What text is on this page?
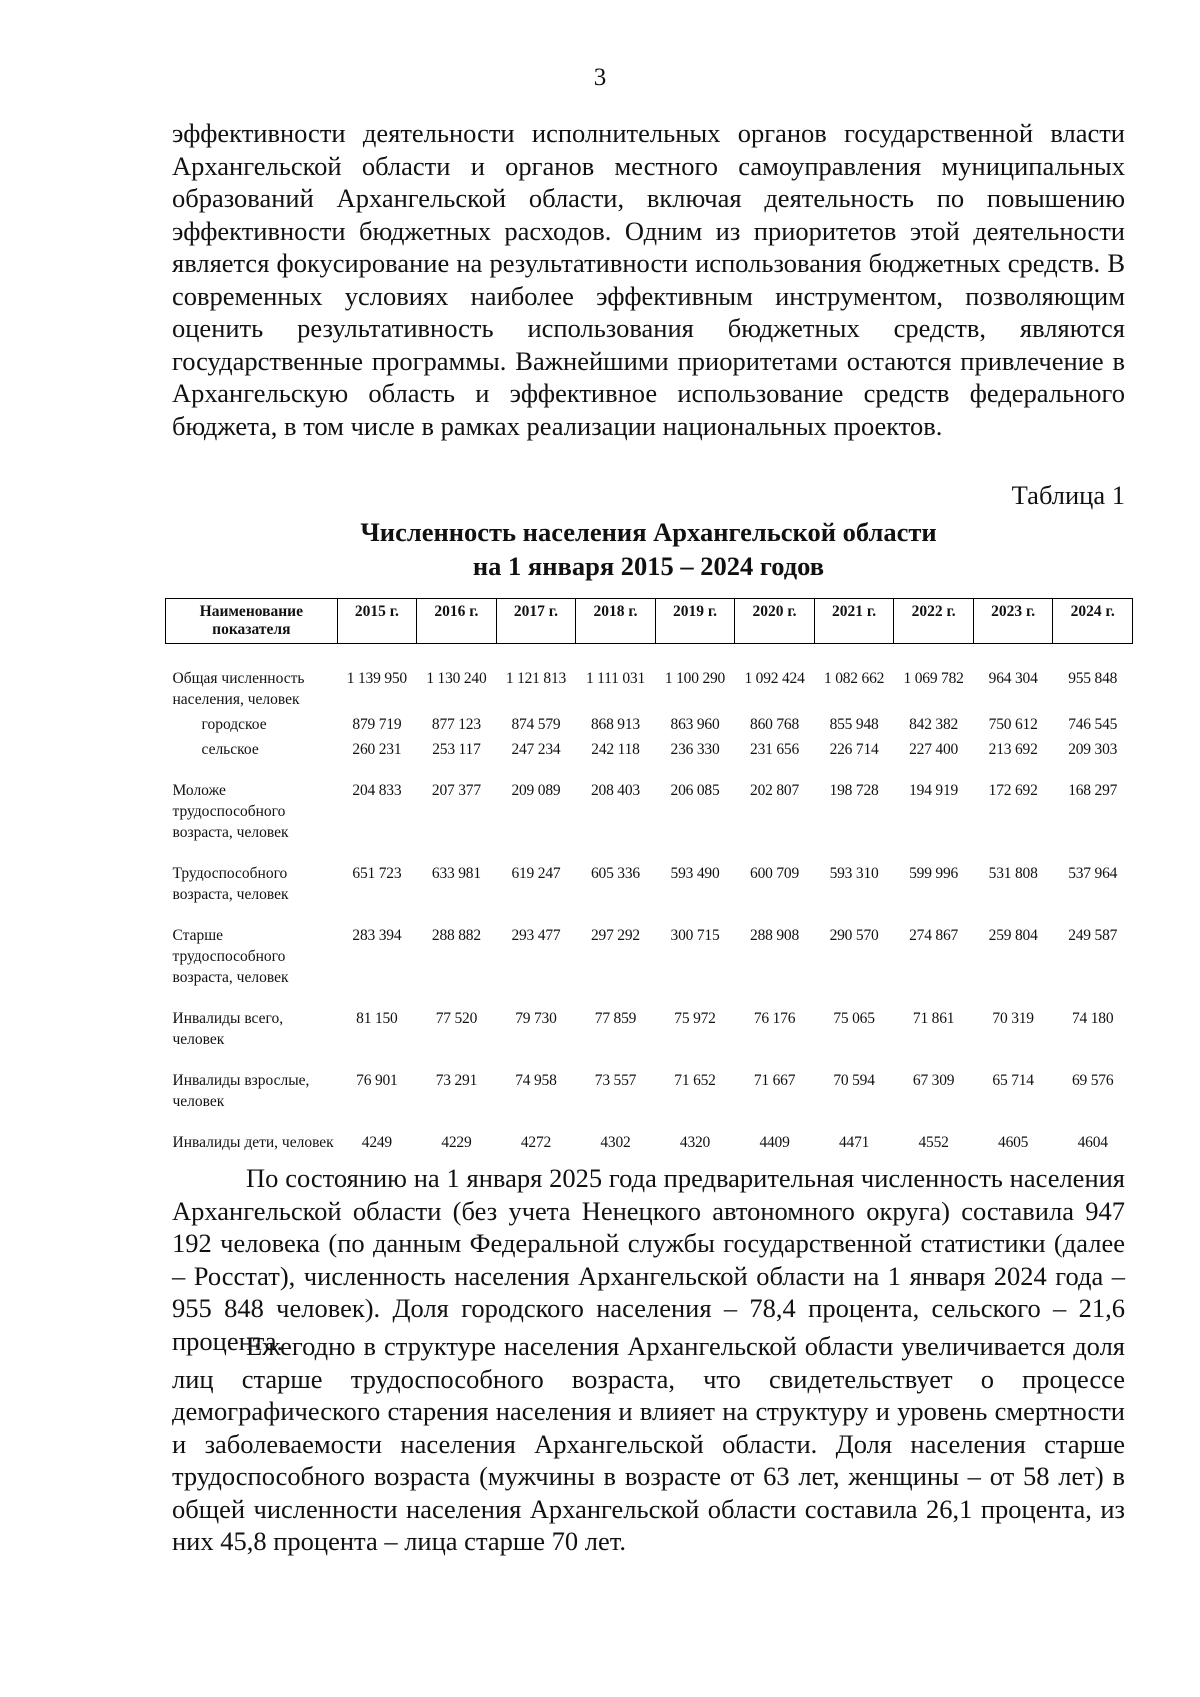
3

эффективности деятельности исполнительных органов государственной власти Архангельской области и органов местного самоуправления муниципальных образований Архангельской области, включая деятельность по повышению эффективности бюджетных расходов. Одним из приоритетов этой деятельности является фокусирование на результативности использования бюджетных средств. В современных условиях наиболее эффективным инструментом, позволяющим оценить результативность использования бюджетных средств, являются государственные программы. Важнейшими приоритетами остаются привлечение в Архангельскую область и эффективное использование средств федерального бюджета, в том числе в рамках реализации национальных проектов.

Таблица 1
Численность населения Архангельской области
на 1 января 2015 – 2024 годов
Наименование показателя	2015 г.	2016 г.	2017 г.	2018 г.	2019 г.	2020 г.	2021 г.	2022 г.	2023 г.	2024 г.

Общая численность населения, человек	1 139 950	1 130 240	1 121 813	1 111 031	1 100 290	1 092 424	1 082 662	1 069 782	964 304	955 848
городское	879 719	877 123	874 579	868 913	863 960	860 768	855 948	842 382	750 612	746 545
сельское	260 231	253 117	247 234	242 118	236 330	231 656	226 714	227 400	213 692	209 303
Моложе трудоспособного возраста, человек	204 833	207 377	209 089	208 403	206 085	202 807	198 728	194 919	172 692	168 297
Трудоспособного возраста, человек	651 723	633 981	619 247	605 336	593 490	600 709	593 310	599 996	531 808	537 964
Старше трудоспособного возраста, человек	283 394	288 882	293 477	297 292	300 715	288 908	290 570	274 867	259 804	249 587
Инвалиды всего, человек	81 150	77 520	79 730	77 859	75 972	76 176	75 065	71 861	70 319	74 180
Инвалиды взрослые, человек	76 901	73 291	74 958	73 557	71 652	71 667	70 594	67 309	65 714	69 576
Инвалиды дети, человек	4249	4229	4272	4302	4320	4409	4471	4552	4605	4604

По состоянию на 1 января 2025 года предварительная численность населения Архангельской области (без учета Ненецкого автономного округа) составила 947 192 человека (по данным Федеральной службы государственной статистики (далее – Росстат), численность населения Архангельской области на 1 января 2024 года – 955 848 человек). Доля городского населения – 78,4 процента, сельского – 21,6 процента.

Ежегодно в структуре населения Архангельской области увеличивается доля лиц старше трудоспособного возраста, что свидетельствует о процессе демографического старения населения и влияет на структуру и уровень смертности и заболеваемости населения Архангельской области. Доля населения старше трудоспособного возраста (мужчины в возрасте от 63 лет, женщины – от 58 лет) в общей численности населения Архангельской области составила 26,1 процента, из них 45,8 процента – лица старше 70 лет.
